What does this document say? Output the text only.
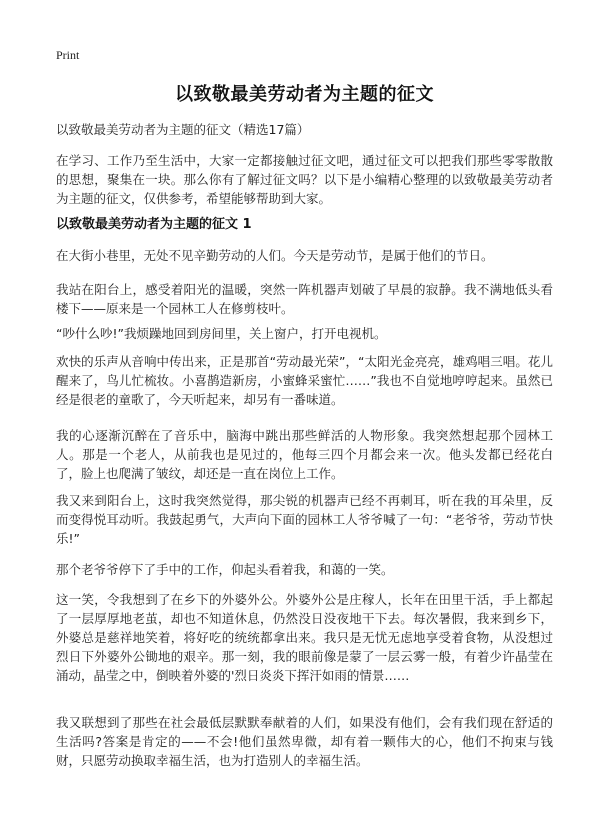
Print
以致敬最美劳动者为主题的征文
以致敬最美劳动者为主题的征文（精选17篇）
在学习、工作乃至生活中，大家一定都接触过征文吧，通过征文可以把我们那些零零散散的思想，聚集在一块。那么你有了解过征文吗？以下是小编精心整理的以致敬最美劳动者为主题的征文，仅供参考，希望能够帮助到大家。
以致敬最美劳动者为主题的征文 1
在大街小巷里，无处不见辛勤劳动的人们。今天是劳动节，是属于他们的节日。
我站在阳台上，感受着阳光的温暖，突然一阵机器声划破了早晨的寂静。我不满地低头看楼下——原来是一个园林工人在修剪枝叶。
“吵什么吵!”我烦躁地回到房间里，关上窗户，打开电视机。
欢快的乐声从音响中传出来，正是那首“劳动最光荣”，“太阳光金亮亮，雄鸡唱三唱。花儿醒来了，鸟儿忙梳妆。小喜鹊造新房，小蜜蜂采蜜忙……”我也不自觉地哼哼起来。虽然已经是很老的童歌了，今天听起来，却另有一番味道。
我的心逐渐沉醉在了音乐中，脑海中跳出那些鲜活的人物形象。我突然想起那个园林工人。那是一个老人，从前我也是见过的，他每三四个月都会来一次。他头发都已经花白了，脸上也爬满了皱纹，却还是一直在岗位上工作。
我又来到阳台上，这时我突然觉得，那尖锐的机器声已经不再刺耳，听在我的耳朵里，反而变得悦耳动听。我鼓起勇气，大声向下面的园林工人爷爷喊了一句：“老爷爷，劳动节快乐!”
那个老爷爷停下了手中的工作，仰起头看着我，和蔼的一笑。
这一笑，令我想到了在乡下的外婆外公。外婆外公是庄稼人，长年在田里干活，手上都起了一层厚厚地老茧，却也不知道休息，仍然没日没夜地干下去。每次暑假，我来到乡下，外婆总是慈祥地笑着，将好吃的统统都拿出来。我只是无忧无虑地享受着食物，从没想过烈日下外婆外公锄地的艰辛。那一刻，我的眼前像是蒙了一层云雾一般，有着少许晶莹在涌动，晶莹之中，倒映着外婆的'烈日炎炎下挥汗如雨的情景……
我又联想到了那些在社会最低层默默奉献着的人们，如果没有他们，会有我们现在舒适的生活吗?答案是肯定的——不会!他们虽然卑微，却有着一颗伟大的心，他们不拘束与钱财，只愿劳动换取幸福生活，也为打造别人的幸福生活。
